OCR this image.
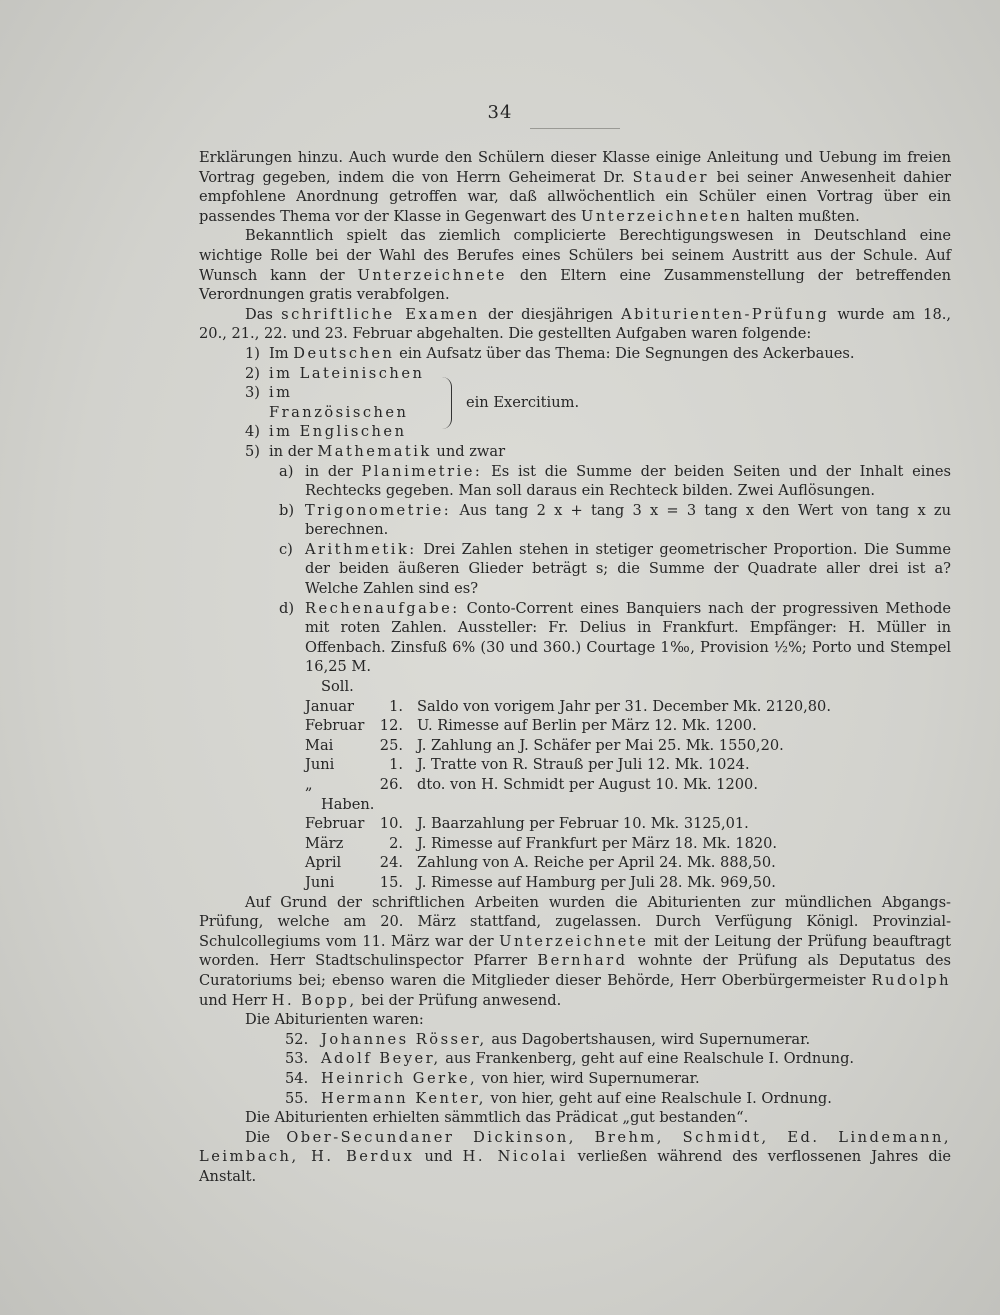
34

Erklärungen hinzu. Auch wurde den Schülern dieser Klasse einige Anleitung und Uebung im freien Vortrag gegeben, indem die von Herrn Geheimerat Dr. Stauder bei seiner Anwesenheit dahier empfohlene Anordnung getroffen war, daß allwöchentlich ein Schüler einen Vortrag über ein passendes Thema vor der Klasse in Gegenwart des Unterzeichneten halten mußten.

Bekanntlich spielt das ziemlich complicierte Berechtigungswesen in Deutschland eine wichtige Rolle bei der Wahl des Berufes eines Schülers bei seinem Austritt aus der Schule. Auf Wunsch kann der Unterzeichnete den Eltern eine Zusammenstellung der betreffenden Verordnungen gratis verabfolgen.

Das schriftliche Examen der diesjährigen Abiturienten-Prüfung wurde am 18., 20., 21., 22. und 23. Februar abgehalten. Die gestellten Aufgaben waren folgende:

1) Im Deutschen ein Aufsatz über das Thema: Die Segnungen des Ackerbaues.
2) im Lateinischen
3) im Französischen
4) im Englischen
ein Exercitium.
5) in der Mathematik und zwar
a) in der Planimetrie: Es ist die Summe der beiden Seiten und der Inhalt eines Rechtecks gegeben. Man soll daraus ein Rechteck bilden. Zwei Auflösungen.
b) Trigonometrie: Aus tang 2 x + tang 3 x = 3 tang x den Wert von tang x zu berechnen.
c) Arithmetik: Drei Zahlen stehen in stetiger geometrischer Proportion. Die Summe der beiden äußeren Glieder beträgt s; die Summe der Quadrate aller drei ist a? Welche Zahlen sind es?
d) Rechenaufgabe: Conto-Corrent eines Banquiers nach der progressiven Methode mit roten Zahlen. Aussteller: Fr. Delius in Frankfurt. Empfänger: H. Müller in Offenbach. Zinsfuß 6% (30 und 360.) Courtage 1‰, Provision ½%; Porto und Stempel 16,25 M.
Soll.
Januar	1.	Saldo von vorigem Jahr per 31. December Mk. 2120,80.
Februar	12.	U. Rimesse auf Berlin per März 12. Mk. 1200.
Mai	25.	J. Zahlung an J. Schäfer per Mai 25. Mk. 1550,20.
Juni	1.	J. Tratte von R. Strauß per Juli 12. Mk. 1024.
„	26.	dto. von H. Schmidt per August 10. Mk. 1200.
Haben.
Februar	10.	J. Baarzahlung per Februar 10. Mk. 3125,01.
März	2.	J. Rimesse auf Frankfurt per März 18. Mk. 1820.
April	24.	Zahlung von A. Reiche per April 24. Mk. 888,50.
Juni	15.	J. Rimesse auf Hamburg per Juli 28. Mk. 969,50.

Auf Grund der schriftlichen Arbeiten wurden die Abiturienten zur mündlichen Abgangs-Prüfung, welche am 20. März stattfand, zugelassen. Durch Verfügung Königl. Provinzial-Schulcollegiums vom 11. März war der Unterzeichnete mit der Leitung der Prüfung beauftragt worden. Herr Stadtschulinspector Pfarrer Bernhard wohnte der Prüfung als Deputatus des Curatoriums bei; ebenso waren die Mitglieder dieser Behörde, Herr Oberbürgermeister Rudolph und Herr H. Bopp, bei der Prüfung anwesend.

Die Abiturienten waren:
52. Johannes Rösser, aus Dagobertshausen, wird Supernumerar.
53. Adolf Beyer, aus Frankenberg, geht auf eine Realschule I. Ordnung.
54. Heinrich Gerke, von hier, wird Supernumerar.
55. Hermann Kenter, von hier, geht auf eine Realschule I. Ordnung.
Die Abiturienten erhielten sämmtlich das Prädicat „gut bestanden“.

Die Ober-Secundaner Dickinson, Brehm, Schmidt, Ed. Lindemann, Leimbach, H. Berdux und H. Nicolai verließen während des verflossenen Jahres die Anstalt.
